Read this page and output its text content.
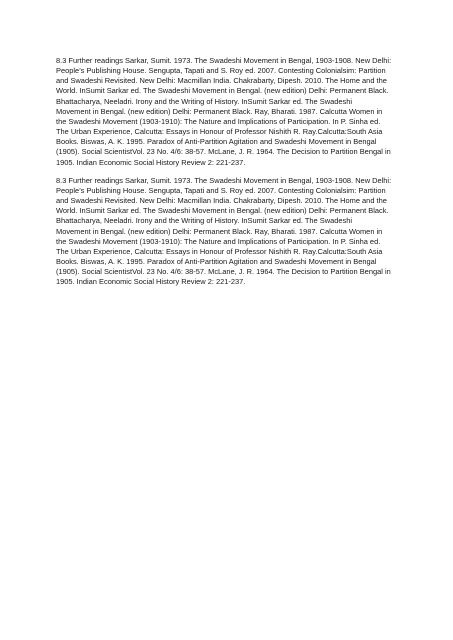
8.3 Further readings Sarkar, Sumit. 1973. The Swadeshi Movement in Bengal, 1903-1908. New Delhi:
People’s Publishing House. Sengupta, Tapati and S. Roy ed. 2007. Contesting Colonialsim: Partition
and Swadeshi Revisited. New Delhi: Macmillan India. Chakrabarty, Dipesh. 2010. The Home and the
World. InSumit Sarkar ed. The Swadeshi Movement in Bengal. (new edition) Delhi: Permanent Black.
Bhattacharya, Neeladri. Irony and the Writing of History. InSumit Sarkar ed. The Swadeshi
Movement in Bengal. (new edition) Delhi: Permanent Black. Ray, Bharati. 1987. Calcutta Women in
the Swadeshi Movement (1903-1910): The Nature and Implications of Participation. In P. Sinha ed.
The Urban Experience, Calcutta: Essays in Honour of Professor Nishith R. Ray.Calcutta:South Asia
Books. Biswas, A. K. 1995. Paradox of Anti-Partition Agitation and Swadeshi Movement in Bengal
(1905). Social ScientistVol. 23 No. 4/6: 38-57. McLane, J. R. 1964. The Decision to Partition Bengal in
1905. Indian Economic Social History Review 2: 221-237.

8.3 Further readings Sarkar, Sumit. 1973. The Swadeshi Movement in Bengal, 1903-1908. New Delhi:
People’s Publishing House. Sengupta, Tapati and S. Roy ed. 2007. Contesting Colonialsim: Partition
and Swadeshi Revisited. New Delhi: Macmillan India. Chakrabarty, Dipesh. 2010. The Home and the
World. InSumit Sarkar ed. The Swadeshi Movement in Bengal. (new edition) Delhi: Permanent Black.
Bhattacharya, Neeladri. Irony and the Writing of History. InSumit Sarkar ed. The Swadeshi
Movement in Bengal. (new edition) Delhi: Permanent Black. Ray, Bharati. 1987. Calcutta Women in
the Swadeshi Movement (1903-1910): The Nature and Implications of Participation. In P. Sinha ed.
The Urban Experience, Calcutta: Essays in Honour of Professor Nishith R. Ray.Calcutta:South Asia
Books. Biswas, A. K. 1995. Paradox of Anti-Partition Agitation and Swadeshi Movement in Bengal
(1905). Social ScientistVol. 23 No. 4/6: 38-57. McLane, J. R. 1964. The Decision to Partition Bengal in
1905. Indian Economic Social History Review 2: 221-237.
